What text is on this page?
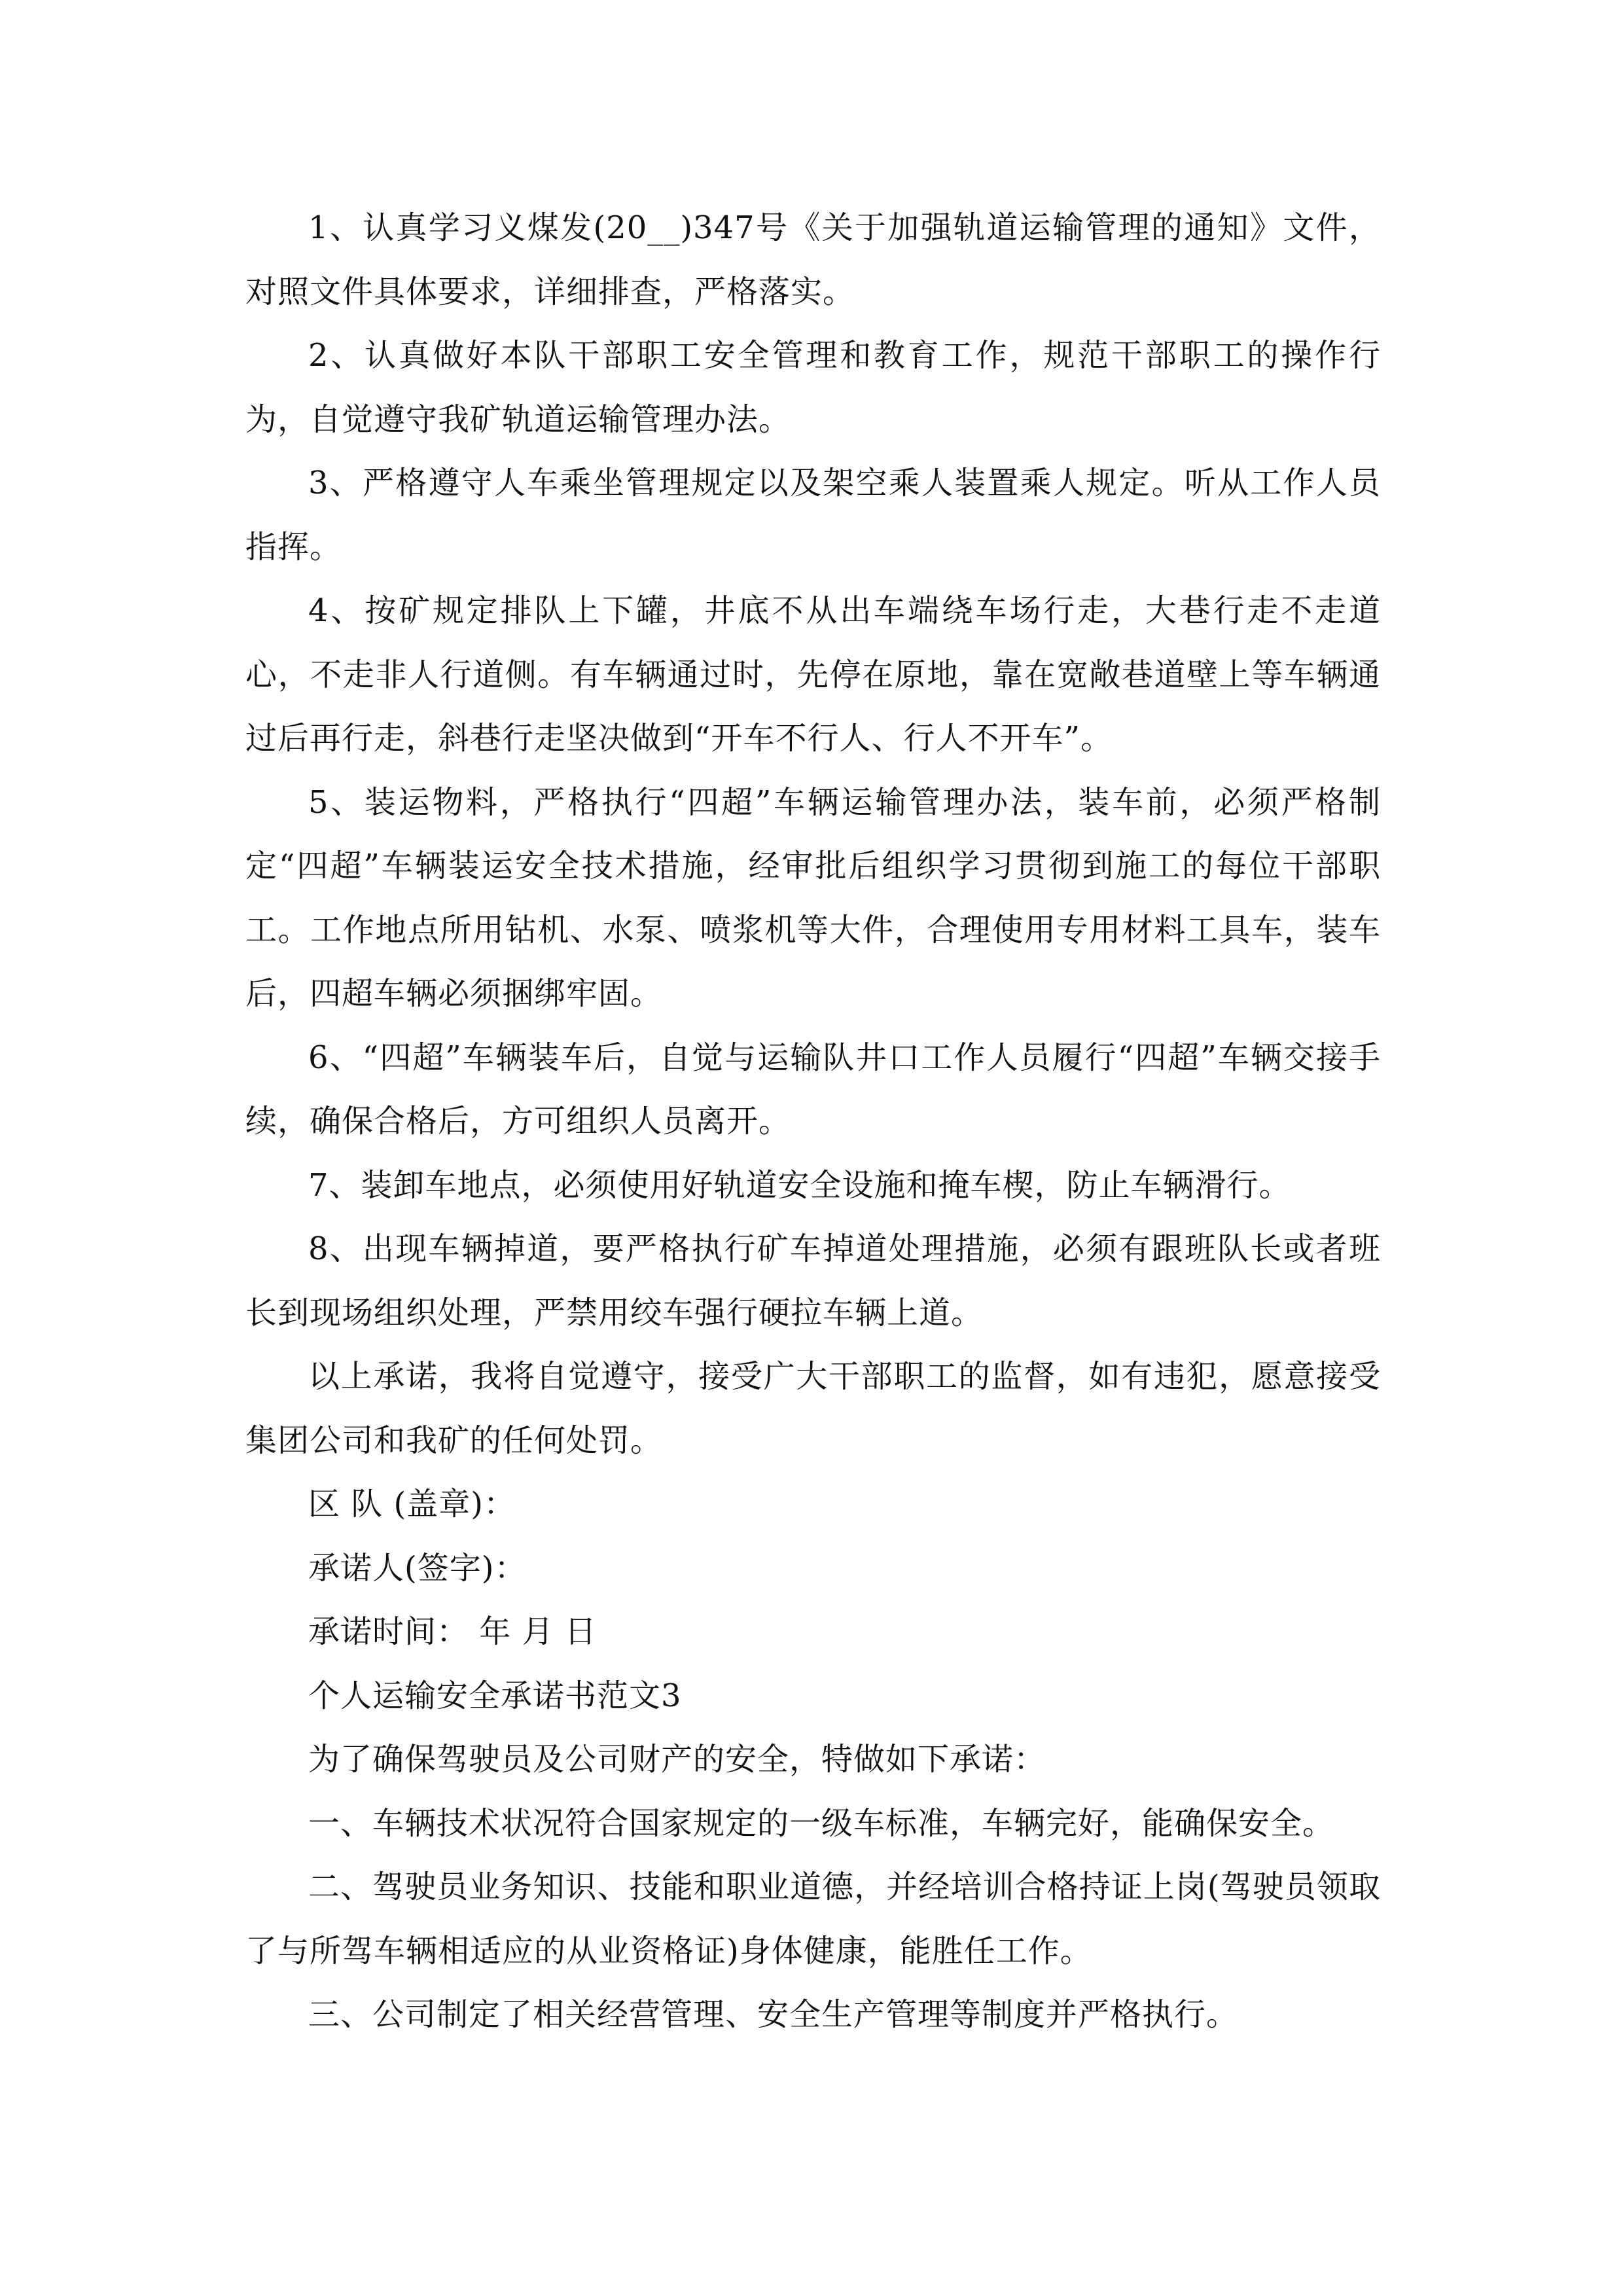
1、认真学习义煤发(20__)347号《关于加强轨道运输管理的通知》文件，对照文件具体要求，详细排查，严格落实。

2、认真做好本队干部职工安全管理和教育工作，规范干部职工的操作行为，自觉遵守我矿轨道运输管理办法。

3、严格遵守人车乘坐管理规定以及架空乘人装置乘人规定。听从工作人员指挥。

4、按矿规定排队上下罐，井底不从出车端绕车场行走，大巷行走不走道心，不走非人行道侧。有车辆通过时，先停在原地，靠在宽敞巷道壁上等车辆通过后再行走，斜巷行走坚决做到“开车不行人、行人不开车”。

5、装运物料，严格执行“四超”车辆运输管理办法，装车前，必须严格制定“四超”车辆装运安全技术措施，经审批后组织学习贯彻到施工的每位干部职工。工作地点所用钻机、水泵、喷浆机等大件，合理使用专用材料工具车，装车后，四超车辆必须捆绑牢固。

6、“四超”车辆装车后，自觉与运输队井口工作人员履行“四超”车辆交接手续，确保合格后，方可组织人员离开。

7、装卸车地点，必须使用好轨道安全设施和掩车楔，防止车辆滑行。

8、出现车辆掉道，要严格执行矿车掉道处理措施，必须有跟班队长或者班长到现场组织处理，严禁用绞车强行硬拉车辆上道。

以上承诺，我将自觉遵守，接受广大干部职工的监督，如有违犯，愿意接受集团公司和我矿的任何处罚。

区 队 (盖章)：

承诺人(签字)：

承诺时间： 年 月 日

个人运输安全承诺书范文3

为了确保驾驶员及公司财产的安全，特做如下承诺：

一、车辆技术状况符合国家规定的一级车标准，车辆完好，能确保安全。

二、驾驶员业务知识、技能和职业道德，并经培训合格持证上岗(驾驶员领取了与所驾车辆相适应的从业资格证)身体健康，能胜任工作。

三、公司制定了相关经营管理、安全生产管理等制度并严格执行。
